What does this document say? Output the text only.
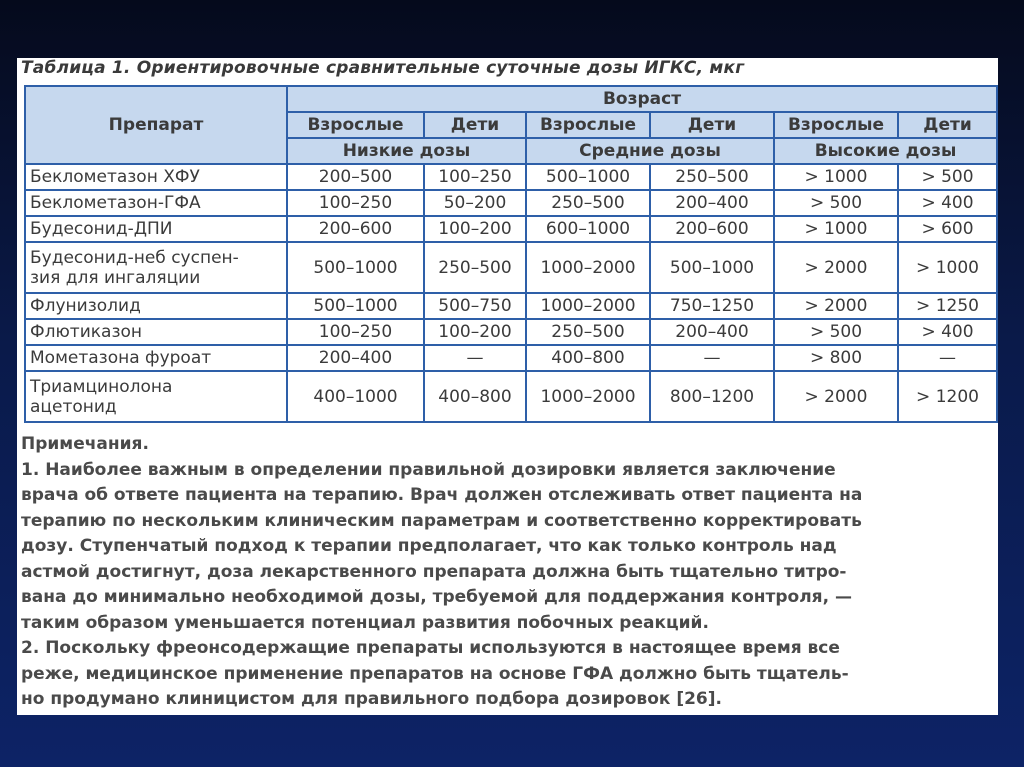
Таблица 1. Ориентировочные сравнительные суточные дозы ИГКС, мкг
Препарат	Возраст					
	Взрослые	Дети	Взрослые	Дети	Взрослые	Дети
	Низкие дозы		Средние дозы		Высокие дозы	
Беклометазон ХФУ	200–500	100–250	500–1000	250–500	> 1000	> 500
Беклометазон-ГФА	100–250	50–200	250–500	200–400	> 500	> 400
Будесонид-ДПИ	200–600	100–200	600–1000	200–600	> 1000	> 600
Будесонид-неб суспен-
зия для ингаляции	500–1000	250–500	1000–2000	500–1000	> 2000	> 1000
Флунизолид	500–1000	500–750	1000–2000	750–1250	> 2000	> 1250
Флютиказон	100–250	100–200	250–500	200–400	> 500	> 400
Мометазона фуроат	200–400	—	400–800	—	> 800	—
Триамцинолона
ацетонид	400–1000	400–800	1000–2000	800–1200	> 2000	> 1200
Примечания.
1. Наиболее важным в определении правильной дозировки является заключение
врача об ответе пациента на терапию. Врач должен отслеживать ответ пациента на
терапию по нескольким клиническим параметрам и соответственно корректировать
дозу. Ступенчатый подход к терапии предполагает, что как только контроль над
астмой достигнут, доза лекарственного препарата должна быть тщательно титро-
вана до минимально необходимой дозы, требуемой для поддержания контроля, —
таким образом уменьшается потенциал развития побочных реакций.
2. Поскольку фреонсодержащие препараты используются в настоящее время все
реже, медицинское применение препаратов на основе ГФА должно быть тщатель-
но продумано клиницистом для правильного подбора дозировок [26].
